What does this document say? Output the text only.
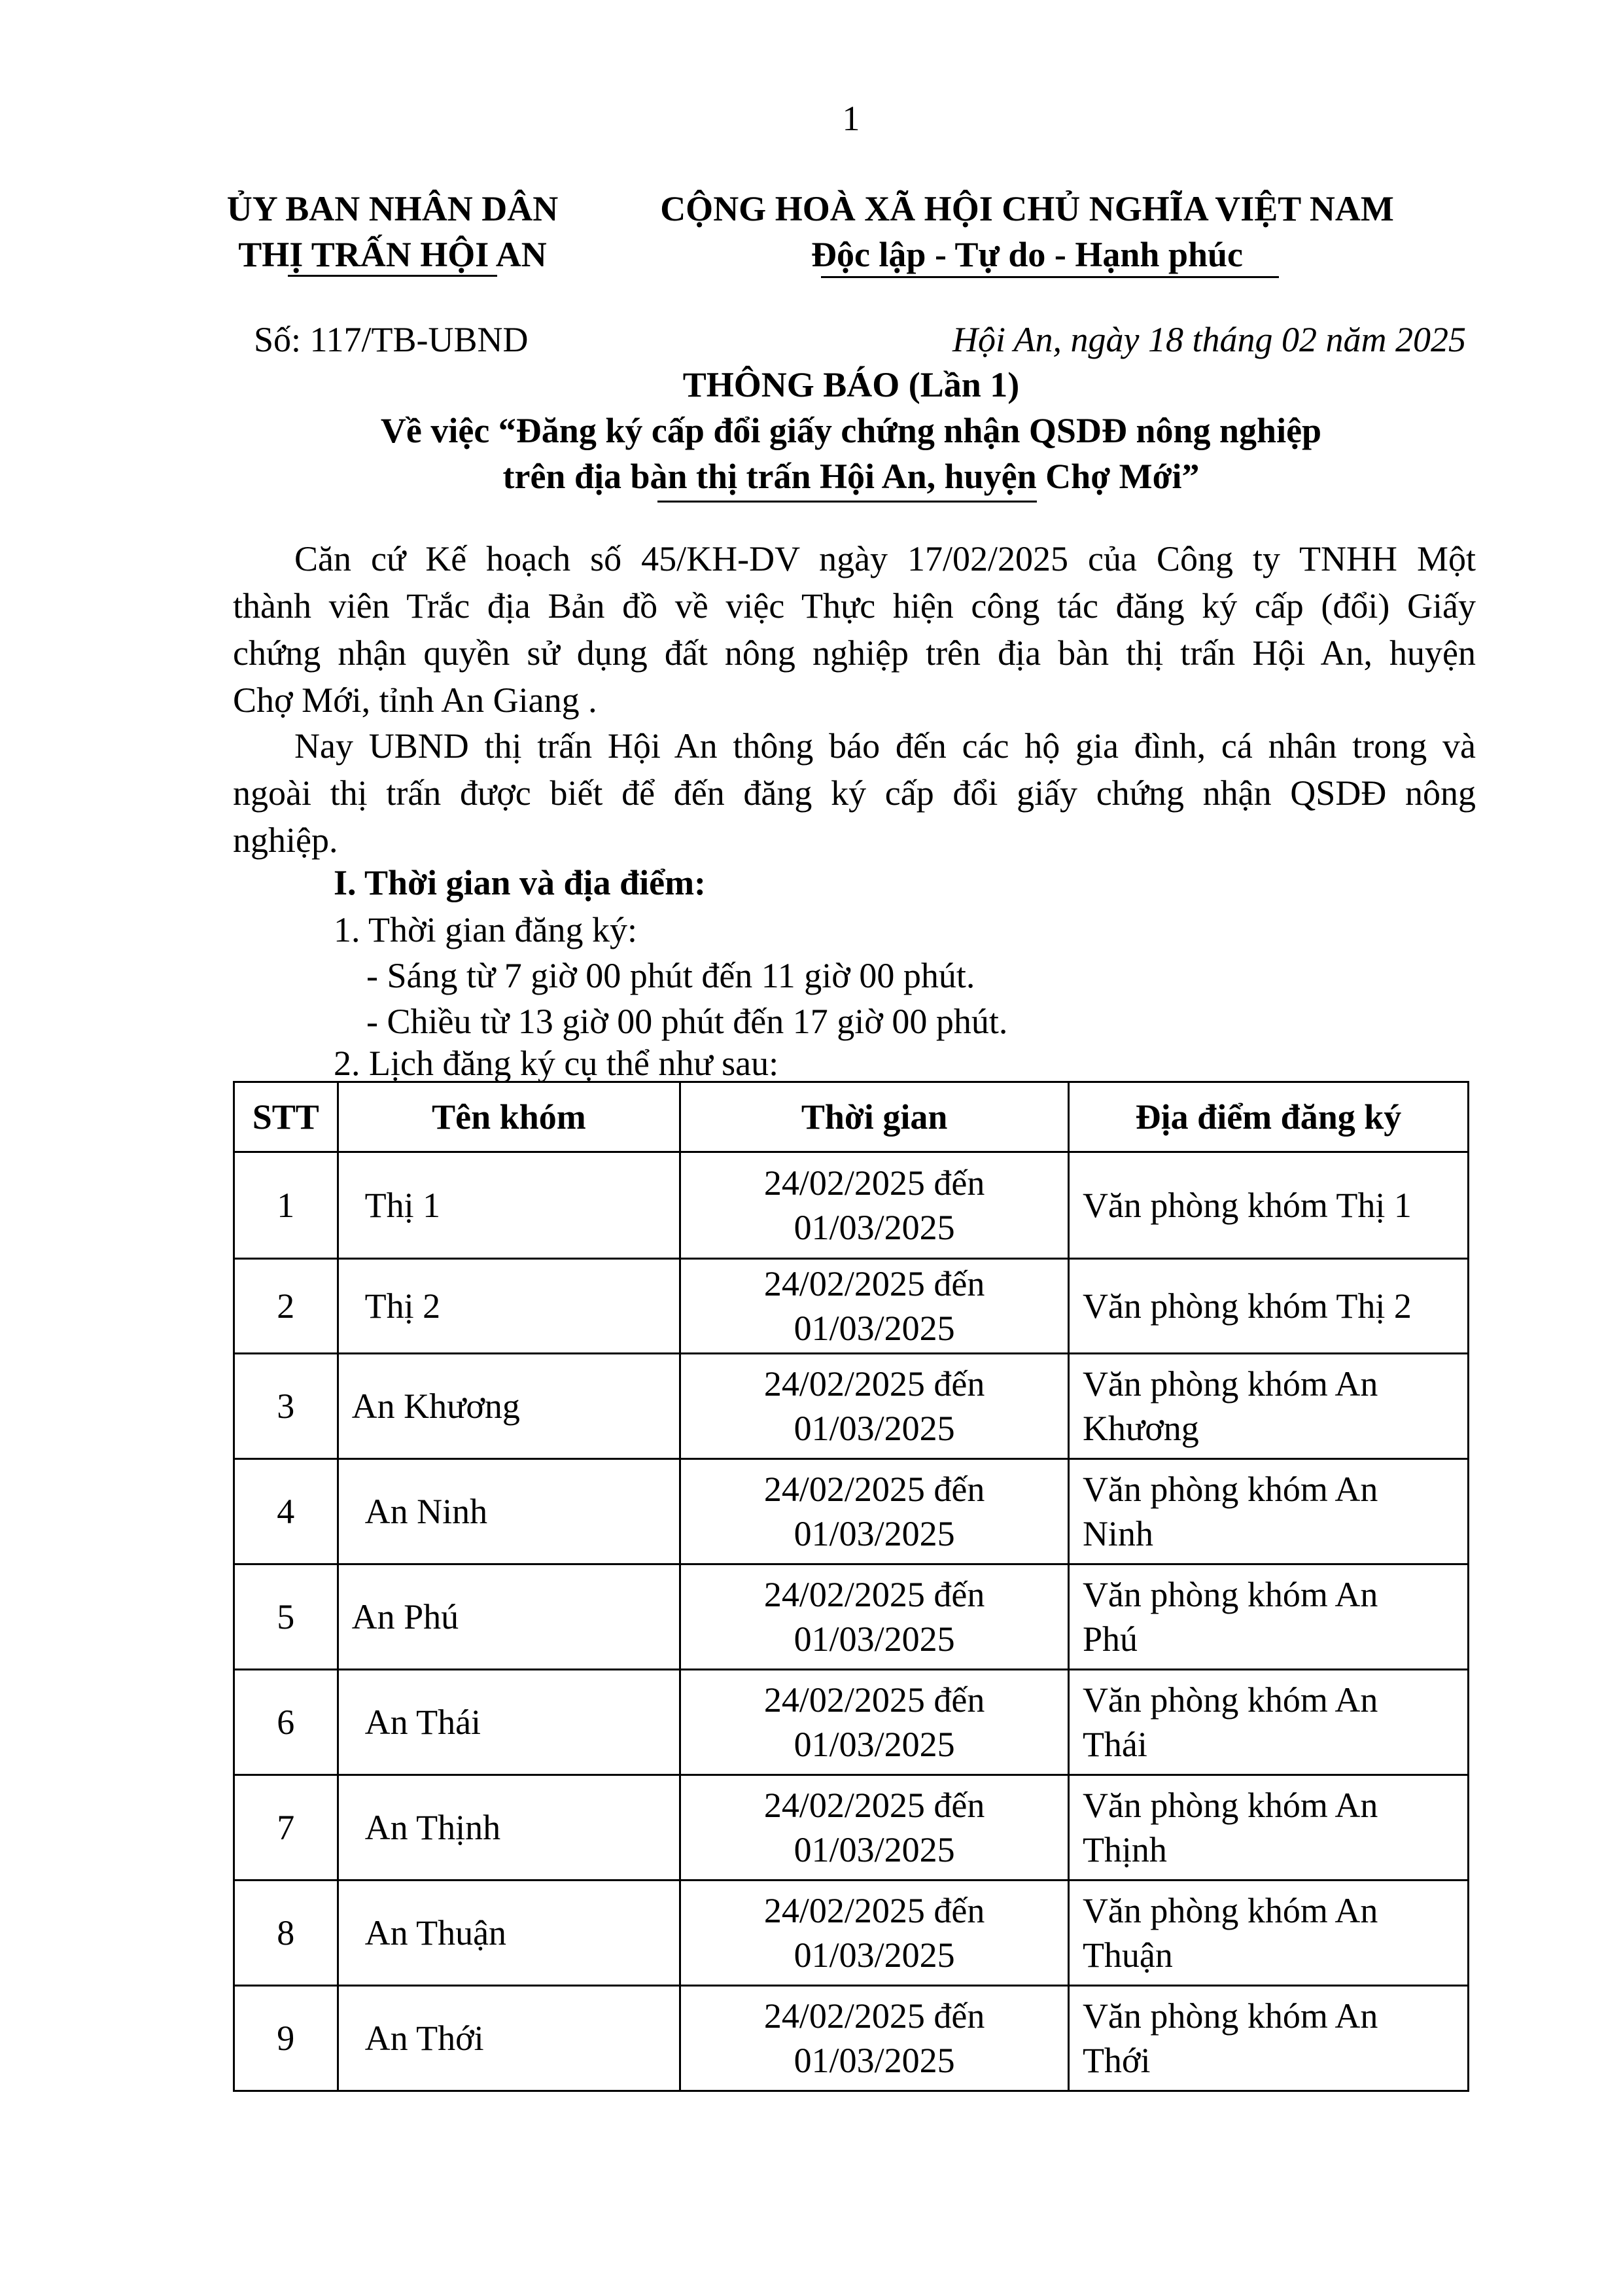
1
ỦY BAN NHÂN DÂN
THỊ TRẤN HỘI AN
CỘNG HOÀ XÃ HỘI CHỦ NGHĨA VIỆT NAM
Độc lập - Tự do - Hạnh phúc
Số: 117/TB-UBND	Hội An, ngày 18 tháng 02 năm 2025
THÔNG BÁO (Lần 1)
Về việc “Đăng ký cấp đổi giấy chứng nhận QSDĐ nông nghiệp
trên địa bàn thị trấn Hội An, huyện Chợ Mới”
Căn cứ Kế hoạch số 45/KH-DV ngày 17/02/2025 của Công ty TNHH Một
thành viên Trắc địa Bản đồ về việc Thực hiện công tác đăng ký cấp (đổi) Giấy
chứng nhận quyền sử dụng đất nông nghiệp trên địa bàn thị trấn Hội An, huyện
Chợ Mới, tỉnh An Giang .
Nay UBND thị trấn Hội An thông báo đến các hộ gia đình, cá nhân trong và
ngoài thị trấn được biết để đến đăng ký cấp đổi giấy chứng nhận QSDĐ nông
nghiệp.
I. Thời gian và địa điểm:
1. Thời gian đăng ký:
- Sáng từ 7 giờ 00 phút đến 11 giờ 00 phút.
- Chiều từ 13 giờ 00 phút đến 17 giờ 00 phút.
2. Lịch đăng ký cụ thể như sau:
STT	Tên khóm	Thời gian	Địa điểm đăng ký
1	Thị 1	24/02/2025 đến
01/03/2025	Văn phòng khóm Thị 1

2	Thị 2	24/02/2025 đến
01/03/2025	Văn phòng khóm Thị 2

3	An Khương	24/02/2025 đến
01/03/2025	Văn phòng khóm An
Khương

4	An Ninh	24/02/2025 đến
01/03/2025	Văn phòng khóm An
Ninh

5	An Phú	24/02/2025 đến
01/03/2025	Văn phòng khóm An
Phú

6	An Thái	24/02/2025 đến
01/03/2025	Văn phòng khóm An
Thái

7	An Thịnh	24/02/2025 đến
01/03/2025	Văn phòng khóm An
Thịnh

8	An Thuận	24/02/2025 đến
01/03/2025	Văn phòng khóm An
Thuận

9	An Thới	24/02/2025 đến
01/03/2025	Văn phòng khóm An
Thới
